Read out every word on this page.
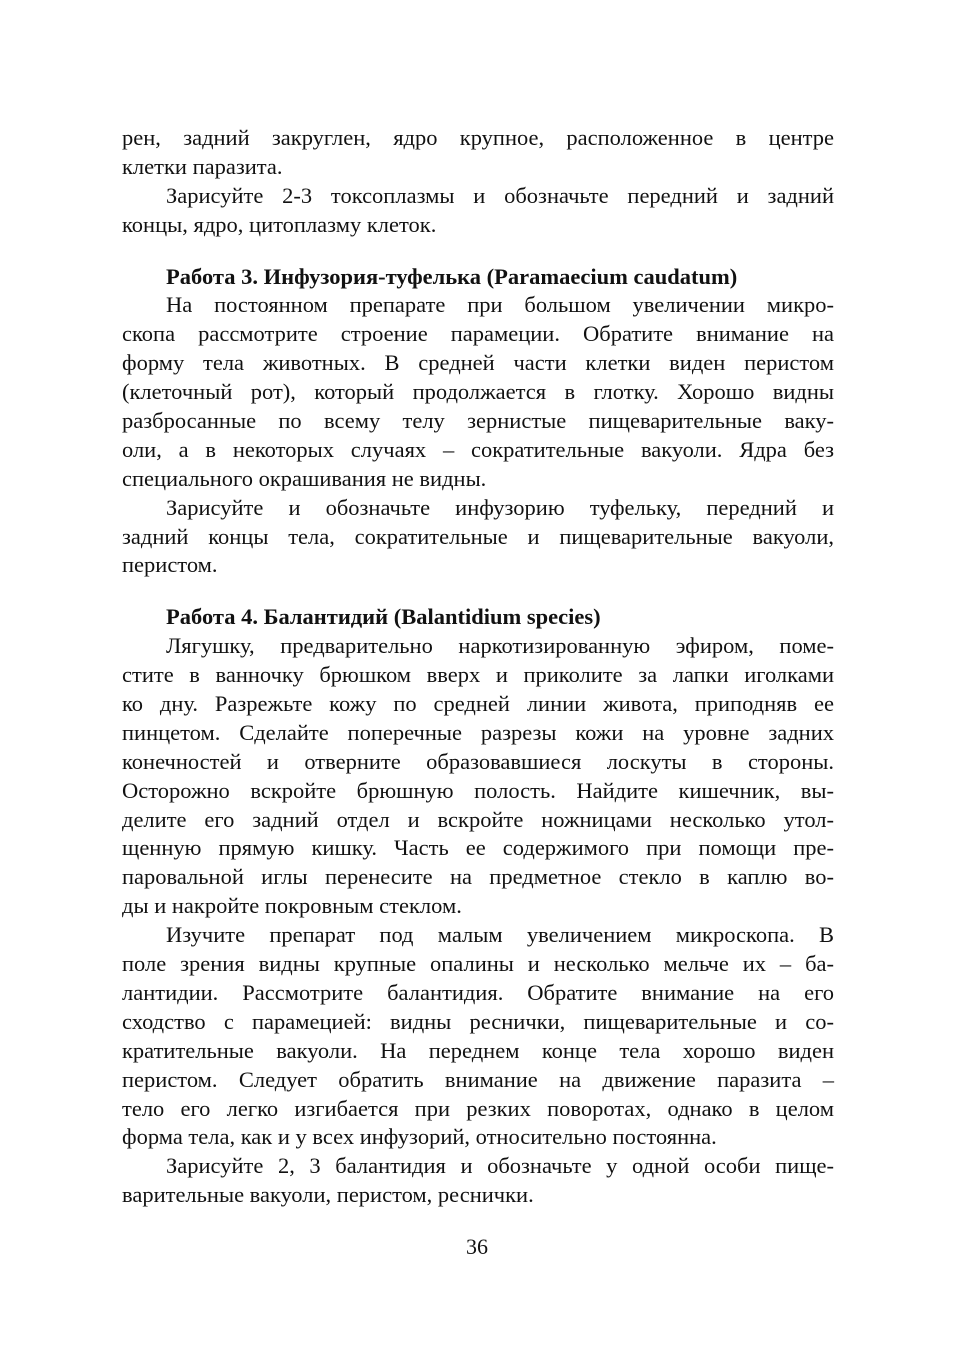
рен, задний закруглен, ядро крупное, расположенное в центре
клетки паразита.
Зарисуйте 2-3 токсоплазмы и обозначьте передний и задний
концы, ядро, цитоплазму клеток.
Работа 3. Инфузория-туфелька (Paramaecium caudatum)
На постоянном препарате при большом увеличении микро-
скопа рассмотрите строение парамеции. Обратите внимание на
форму тела животных. В средней части клетки виден перистом
(клеточный рот), который продолжается в глотку. Хорошо видны
разбросанные по всему телу зернистые пищеварительные ваку-
оли, а в некоторых случаях – сократительные вакуоли. Ядра без
специального окрашивания не видны.
Зарисуйте и обозначьте инфузорию туфельку, передний и
задний концы тела, сократительные и пищеварительные вакуоли,
перистом.
Работа 4. Балантидий (Balantidium species)
Лягушку, предварительно наркотизированную эфиром, поме-
стите в ванночку брюшком вверх и приколите за лапки иголками
ко дну. Разрежьте кожу по средней линии живота, приподняв ее
пинцетом. Сделайте поперечные разрезы кожи на уровне задних
конечностей и отверните образовавшиеся лоскуты в стороны.
Осторожно вскройте брюшную полость. Найдите кишечник, вы-
делите его задний отдел и вскройте ножницами несколько утол-
щенную прямую кишку. Часть ее содержимого при помощи пре-
паровальной иглы перенесите на предметное стекло в каплю во-
ды и накройте покровным стеклом.
Изучите препарат под малым увеличением микроскопа. В
поле зрения видны крупные опалины и несколько мельче их – ба-
лантидии. Рассмотрите балантидия. Обратите внимание на его
сходство с парамецией: видны реснички, пищеварительные и со-
кратительные вакуоли. На переднем конце тела хорошо виден
перистом. Следует обратить внимание на движение паразита –
тело его легко изгибается при резких поворотах, однако в целом
форма тела, как и у всех инфузорий, относительно постоянна.
Зарисуйте 2, 3 балантидия и обозначьте у одной особи пище-
варительные вакуоли, перистом, реснички.
36
